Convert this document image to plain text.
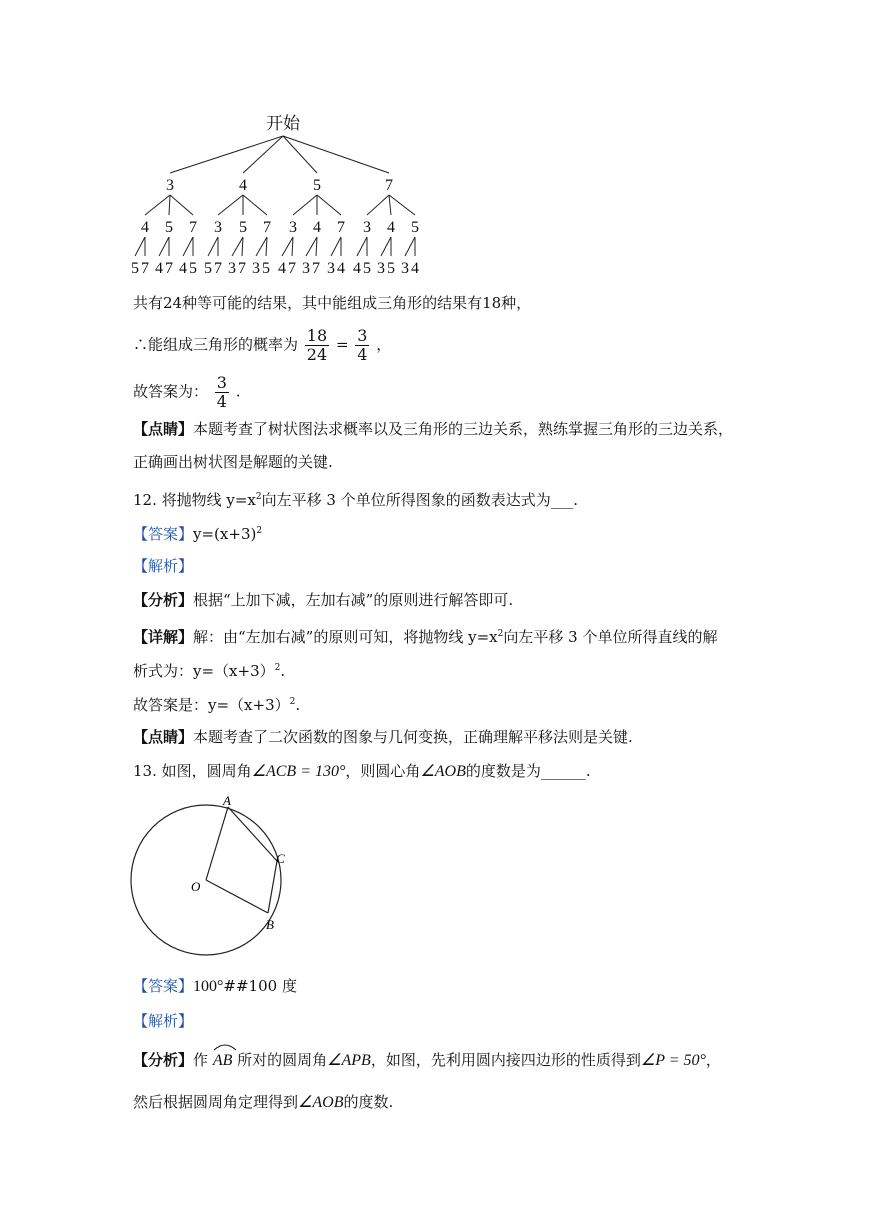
开始
3	4	5	7
4 5 7 3 5 7 3 4 7 3 4 5
5 7 4 7 4 5 5 7 3 7 3 5 4 7 3 7 3 4 4 5 3 5 3 4
共有24种等可能的结果，其中能组成三角形的结果有18种，
∴能组成三角形的概率为 $\frac{18}{24} = \frac{3}{4}$ ，
故答案为： $\frac{3}{4}$ .
【点睛】本题考查了树状图法求概率以及三角形的三边关系，熟练掌握三角形的三边关系，
正确画出树状图是解题的关键.
12. 将抛物线 $y=x^2$向左平移 3 个单位所得图象的函数表达式为___.
【答案】$y=(x+3)^2$
【解析】
【分析】根据“上加下减，左加右减”的原则进行解答即可.
【详解】解：由“左加右减”的原则可知，将抛物线 $y=x^2$向左平移 3 个单位所得直线的解
析式为：$y=(x+3)^2$.
故答案是：$y=(x+3)^2$.
【点睛】本题考查了二次函数的图象与几何变换，正确理解平移法则是关键.
13. 如图，圆周角∠ACB = 130°，则圆心角∠AOB的度数是为______.
A
C
O
B
【答案】100°##100 度
【解析】
【分析】作 AB 所对的圆周角∠APB，如图，先利用圆内接四边形的性质得到∠P = 50°，
然后根据圆周角定理得到∠AOB的度数.
